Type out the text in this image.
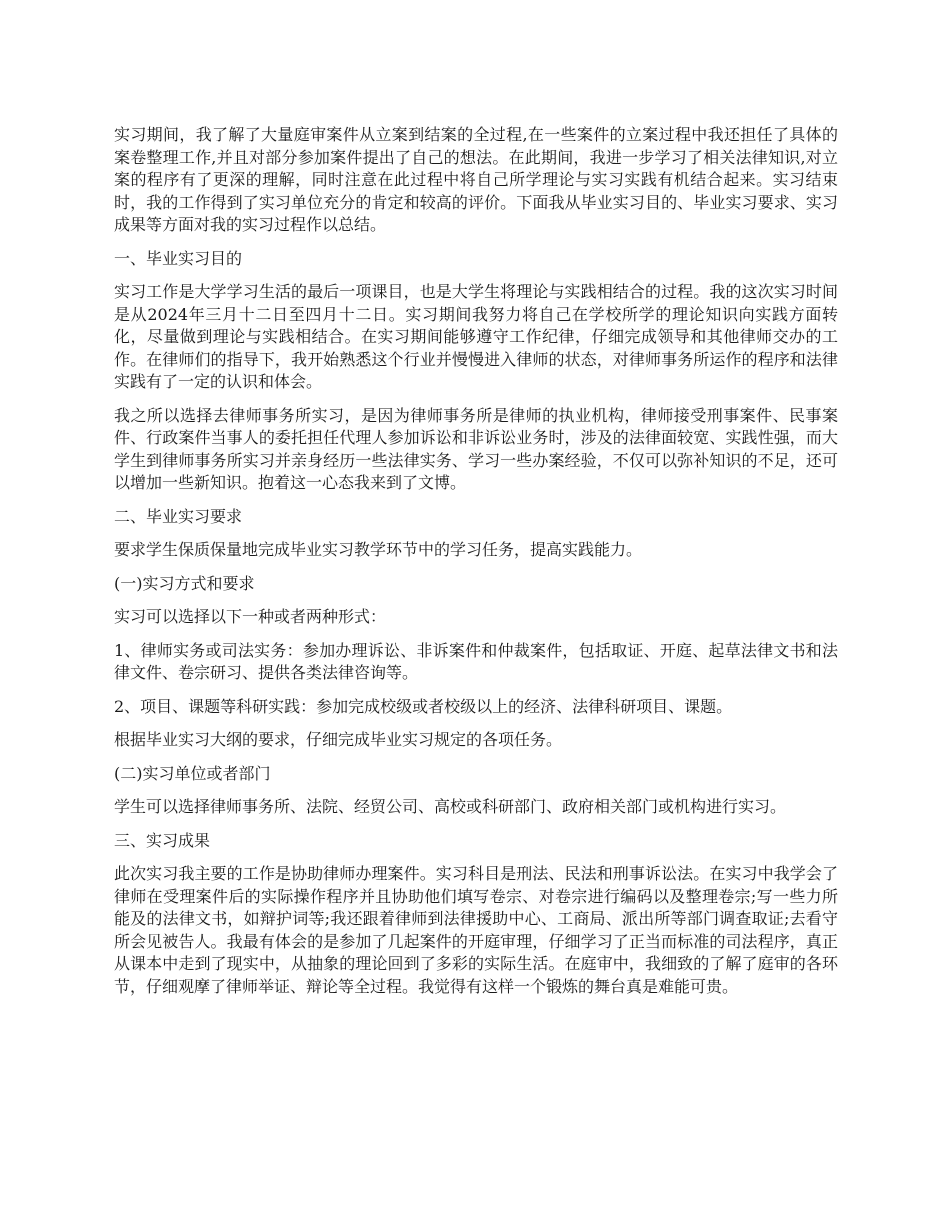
实习期间，我了解了大量庭审案件从立案到结案的全过程,在一些案件的立案过程中我还担任了具体的案卷整理工作,并且对部分参加案件提出了自己的想法。在此期间，我进一步学习了相关法律知识,对立案的程序有了更深的理解，同时注意在此过程中将自己所学理论与实习实践有机结合起来。实习结束时，我的工作得到了实习单位充分的肯定和较高的评价。下面我从毕业实习目的、毕业实习要求、实习成果等方面对我的实习过程作以总结。

一、毕业实习目的

实习工作是大学学习生活的最后一项课目，也是大学生将理论与实践相结合的过程。我的这次实习时间是从2024年三月十二日至四月十二日。实习期间我努力将自己在学校所学的理论知识向实践方面转化，尽量做到理论与实践相结合。在实习期间能够遵守工作纪律，仔细完成领导和其他律师交办的工作。在律师们的指导下，我开始熟悉这个行业并慢慢进入律师的状态，对律师事务所运作的程序和法律实践有了一定的认识和体会。

我之所以选择去律师事务所实习，是因为律师事务所是律师的执业机构，律师接受刑事案件、民事案件、行政案件当事人的委托担任代理人参加诉讼和非诉讼业务时，涉及的法律面较宽、实践性强，而大学生到律师事务所实习并亲身经历一些法律实务、学习一些办案经验，不仅可以弥补知识的不足，还可以增加一些新知识。抱着这一心态我来到了文博。

二、毕业实习要求

要求学生保质保量地完成毕业实习教学环节中的学习任务，提高实践能力。

(一)实习方式和要求

实习可以选择以下一种或者两种形式：

1、律师实务或司法实务：参加办理诉讼、非诉案件和仲裁案件，包括取证、开庭、起草法律文书和法律文件、卷宗研习、提供各类法律咨询等。

2、项目、课题等科研实践：参加完成校级或者校级以上的经济、法律科研项目、课题。

根据毕业实习大纲的要求，仔细完成毕业实习规定的各项任务。

(二)实习单位或者部门

学生可以选择律师事务所、法院、经贸公司、高校或科研部门、政府相关部门或机构进行实习。

三、实习成果

此次实习我主要的工作是协助律师办理案件。实习科目是刑法、民法和刑事诉讼法。在实习中我学会了律师在受理案件后的实际操作程序并且协助他们填写卷宗、对卷宗进行编码以及整理卷宗;写一些力所能及的法律文书，如辩护词等;我还跟着律师到法律援助中心、工商局、派出所等部门调查取证;去看守所会见被告人。我最有体会的是参加了几起案件的开庭审理，仔细学习了正当而标准的司法程序，真正从课本中走到了现实中，从抽象的理论回到了多彩的实际生活。在庭审中，我细致的了解了庭审的各环节，仔细观摩了律师举证、辩论等全过程。我觉得有这样一个锻炼的舞台真是难能可贵。
